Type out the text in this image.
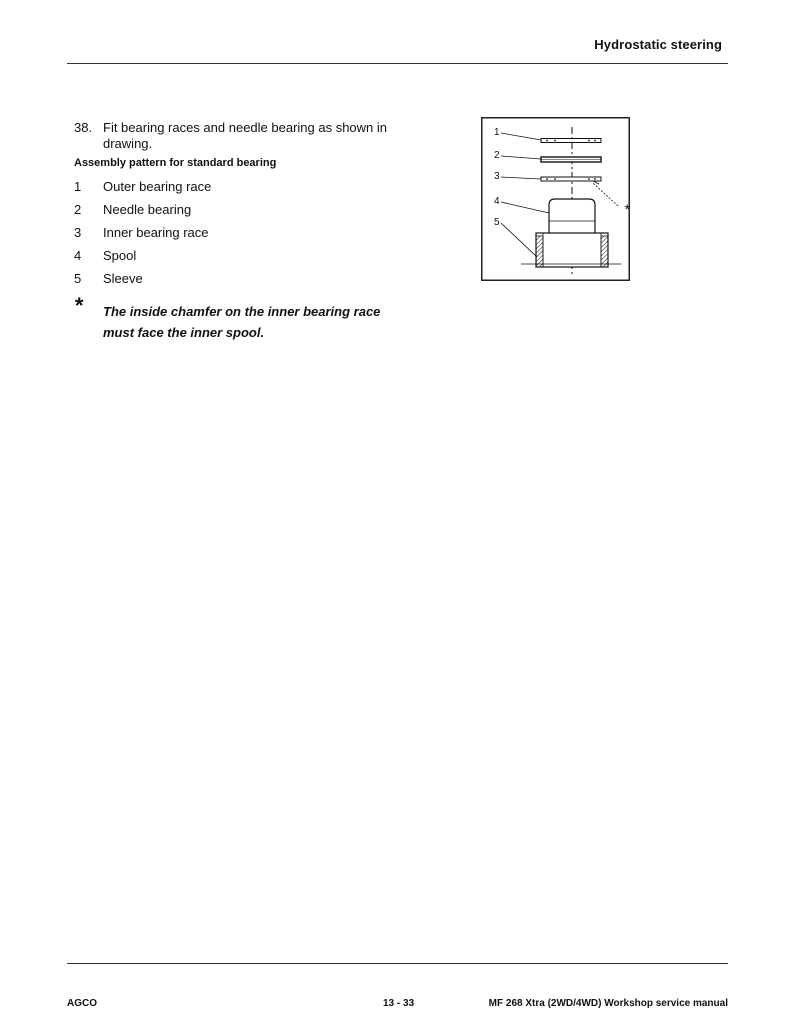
Hydrostatic steering
38. Fit bearing races and needle bearing as shown in drawing.
Assembly pattern for standard bearing
1 Outer bearing race
2 Needle bearing
3 Inner bearing race
4 Spool
5 Sleeve
* The inside chamfer on the inner bearing race must face the inner spool.
1
2
3
4
5
*
AGCO	13 - 33	MF 268 Xtra (2WD/4WD) Workshop service manual
